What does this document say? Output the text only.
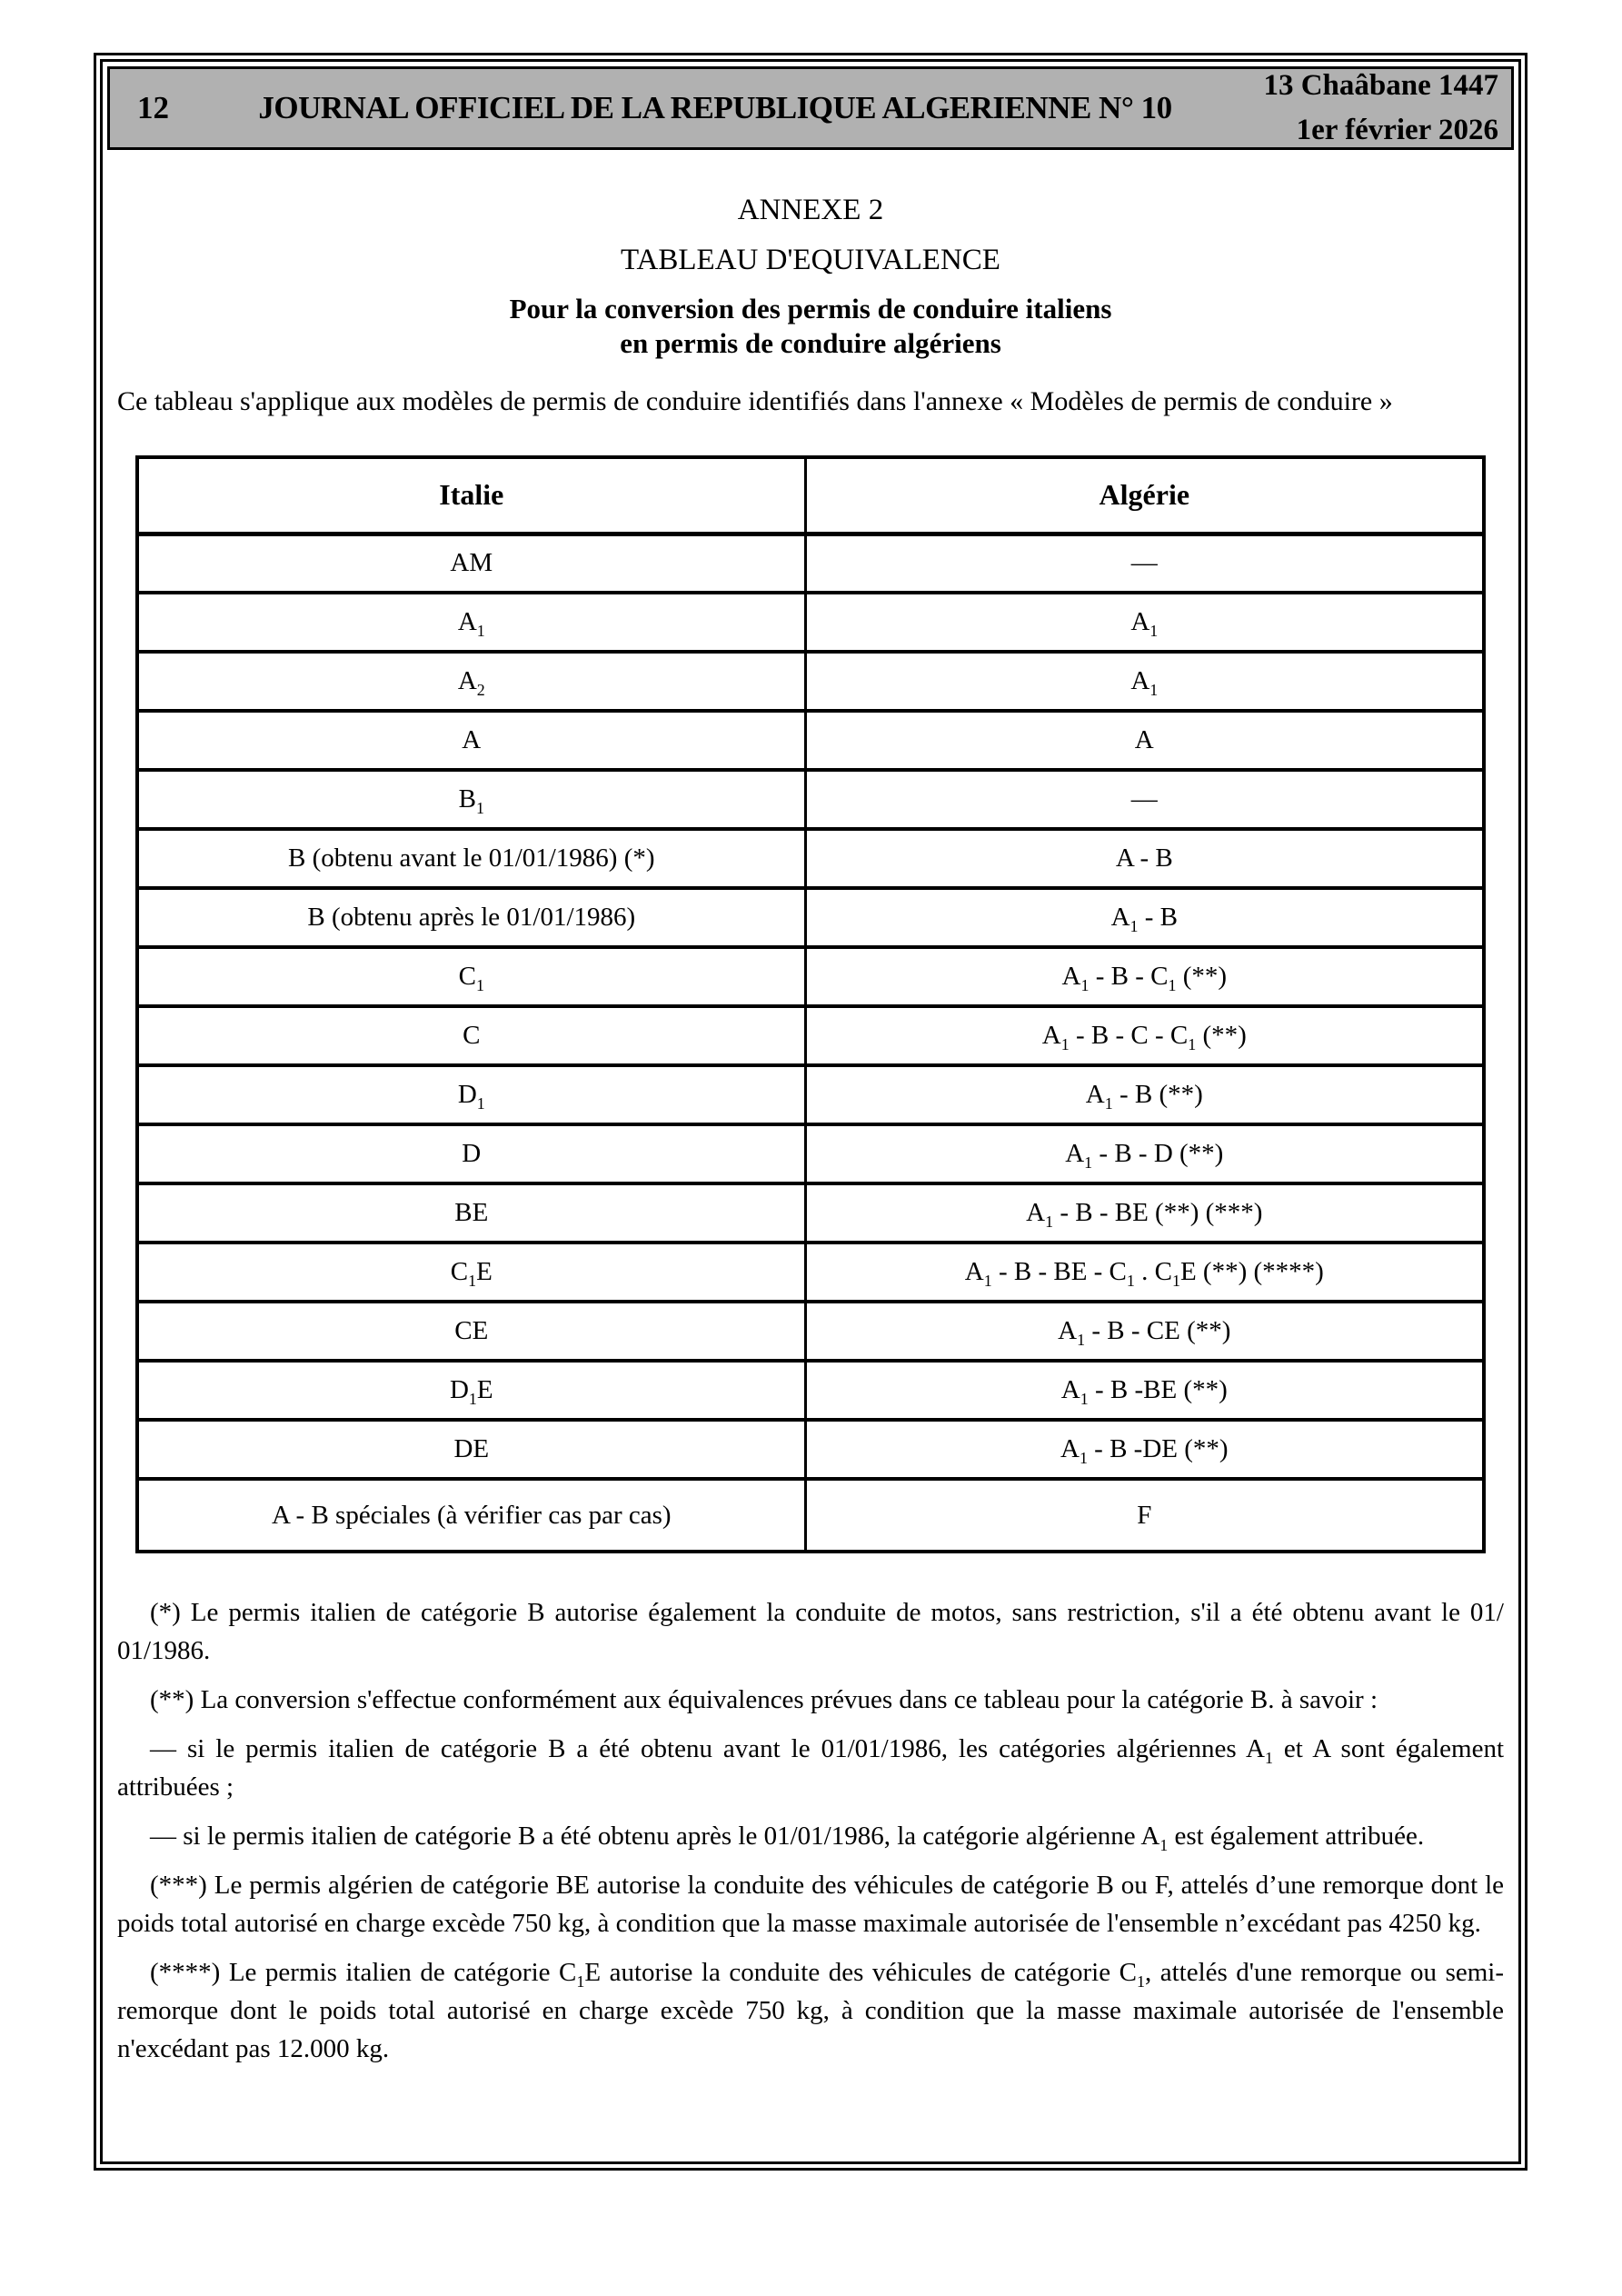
12	JOURNAL OFFICIEL DE LA REPUBLIQUE ALGERIENNE N° 10
13 Chaâbane 1447
1er février 2026
ANNEXE 2
TABLEAU D'EQUIVALENCE
Pour la conversion des permis de conduire italiens
en permis de conduire algériens
Ce tableau s'applique aux modèles de permis de conduire identifiés dans l'annexe « Modèles de permis de conduire »
Italie	Algérie
AM	—
$A_1$	$A_1$
$A_2$	$A_1$
A	A
$B_1$	—
B (obtenu avant le 01/01/1986) (*)	A - B
B (obtenu après le 01/01/1986)	$A_1$ - B
$C_1$	$A_1$ - B - $C_1$ (**)
C	$A_1$ - B - C - $C_1$ (**)
$D_1$	$A_1$ - B (**)
D	$A_1$ - B - D (**)
BE	$A_1$ - B - BE (**) (***)
$C_1E$	$A_1$ - B - BE - $C_1$ . $C_1E$ (**) (****)
CE	$A_1$ - B - CE (**)
$D_1E$	$A_1$ - B -BE (**)
DE	$A_1$ - B -DE (**)
A - B spéciales (à vérifier cas par cas)	F

(*) Le permis italien de catégorie B autorise également la conduite de motos, sans restriction, s'il a été obtenu avant le 01/ 01/1986.

(**) La conversion s'effectue conformément aux équivalences prévues dans ce tableau pour la catégorie B. à savoir :

— si le permis italien de catégorie B a été obtenu avant le 01/01/1986, les catégories algériennes $A_1$ et A sont également attribuées ;

— si le permis italien de catégorie B a été obtenu après le 01/01/1986, la catégorie algérienne $A_1$ est également attribuée.

(***) Le permis algérien de catégorie BE autorise la conduite des véhicules de catégorie B ou F, attelés d’une remorque dont le poids total autorisé en charge excède 750 kg, à condition que la masse maximale autorisée de l'ensemble n’excédant pas 4250 kg.

(****) Le permis italien de catégorie $C_1E$ autorise la conduite des véhicules de catégorie $C_1$, attelés d'une remorque ou semi-remorque dont le poids total autorisé en charge excède 750 kg, à condition que la masse maximale autorisée de l'ensemble n'excédant pas 12.000 kg.
